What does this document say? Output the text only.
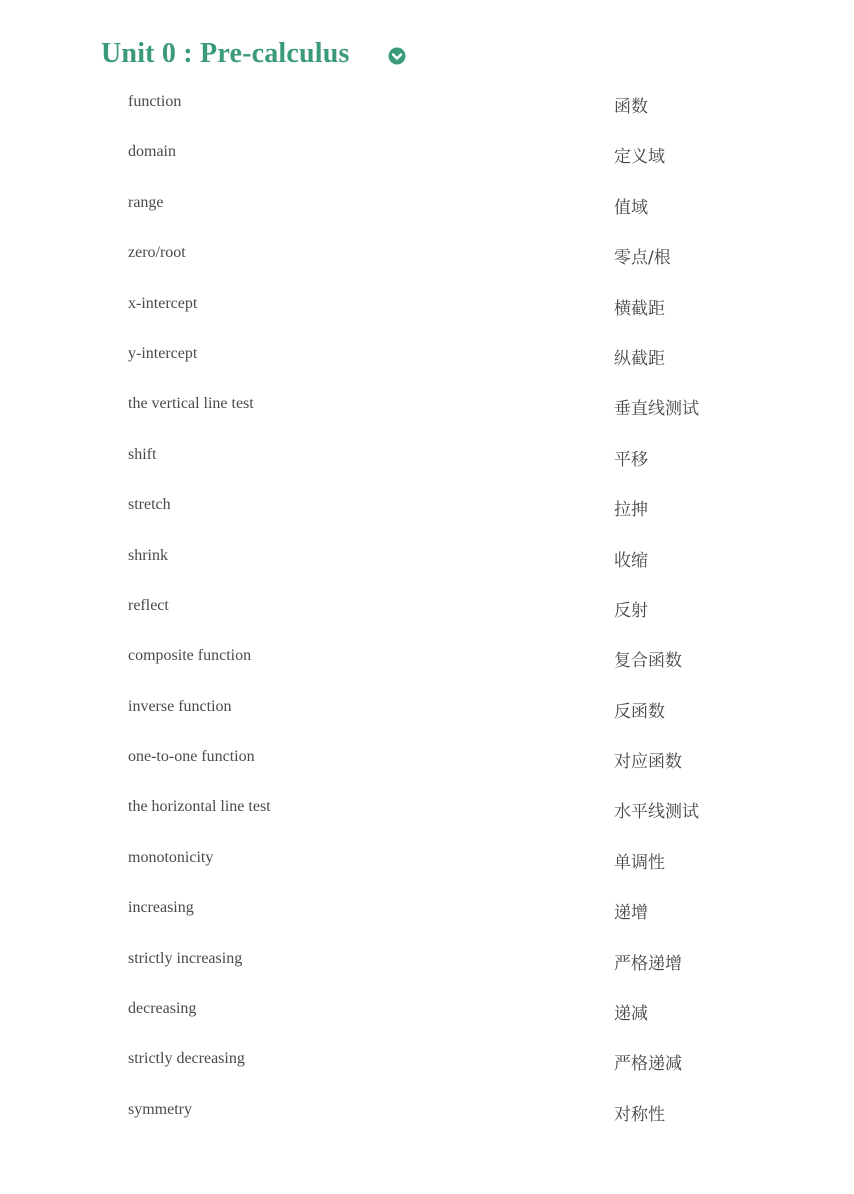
Unit 0 : Pre-calculus
function	函数
domain	定义域
range	值域
zero/root	零点/根
x-intercept	横截距
y-intercept	纵截距
the vertical line test	垂直线测试
shift	平移
stretch	拉抻
shrink	收缩
reflect	反射
composite function	复合函数
inverse function	反函数
one-to-one function	对应函数
the horizontal line test	水平线测试
monotonicity	单调性
increasing	递增
strictly increasing	严格递增
decreasing	递减
strictly decreasing	严格递减
symmetry	对称性
